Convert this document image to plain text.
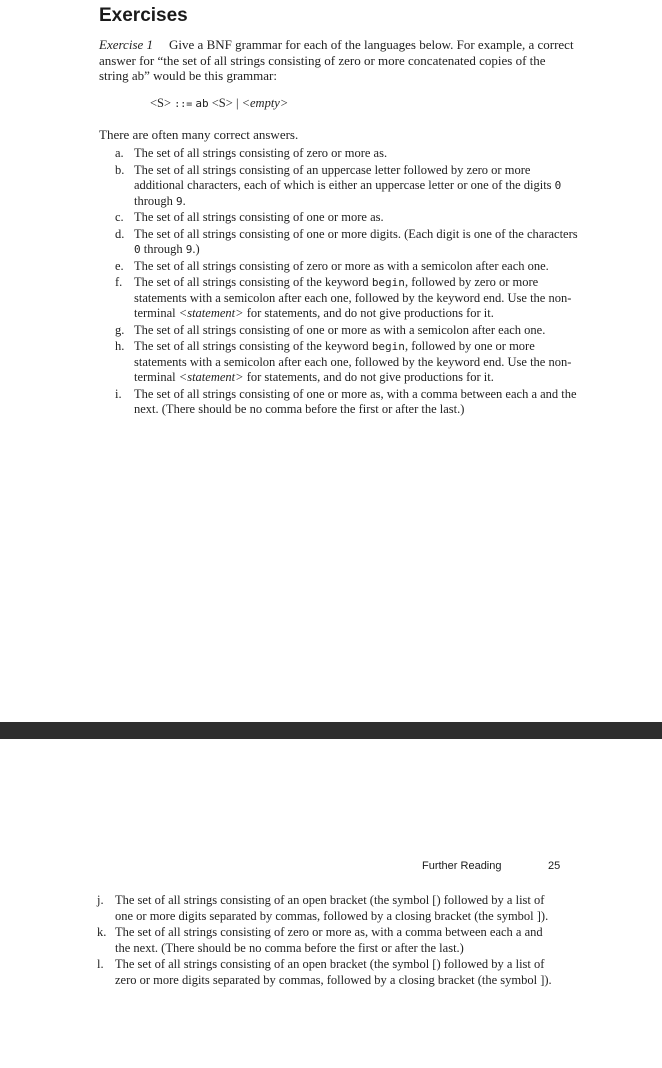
Exercises

Exercise 1 Give a BNF grammar for each of the languages below. For example, a correct answer for “the set of all strings consisting of zero or more concatenated copies of the string ab” would be this grammar:

<S> ::= ab <S> | <empty>

There are often many correct answers.

a. The set of all strings consisting of zero or more as.
b. The set of all strings consisting of an uppercase letter followed by zero or more additional characters, each of which is either an uppercase letter or one of the digits 0 through 9.
c. The set of all strings consisting of one or more as.
d. The set of all strings consisting of one or more digits. (Each digit is one of the characters 0 through 9.)
e. The set of all strings consisting of zero or more as with a semicolon after each one.
f. The set of all strings consisting of the keyword begin, followed by zero or more statements with a semicolon after each one, followed by the keyword end. Use the non-terminal <statement> for statements, and do not give productions for it.
g. The set of all strings consisting of one or more as with a semicolon after each one.
h. The set of all strings consisting of the keyword begin, followed by one or more statements with a semicolon after each one, followed by the keyword end. Use the non-terminal <statement> for statements, and do not give productions for it.
i. The set of all strings consisting of one or more as, with a comma between each a and the next. (There should be no comma before the first or after the last.)

Further Reading	25

j. The set of all strings consisting of an open bracket (the symbol [) followed by a list of one or more digits separated by commas, followed by a closing bracket (the symbol ]).
k. The set of all strings consisting of zero or more as, with a comma between each a and the next. (There should be no comma before the first or after the last.)
l. The set of all strings consisting of an open bracket (the symbol [) followed by a list of zero or more digits separated by commas, followed by a closing bracket (the symbol ]).
